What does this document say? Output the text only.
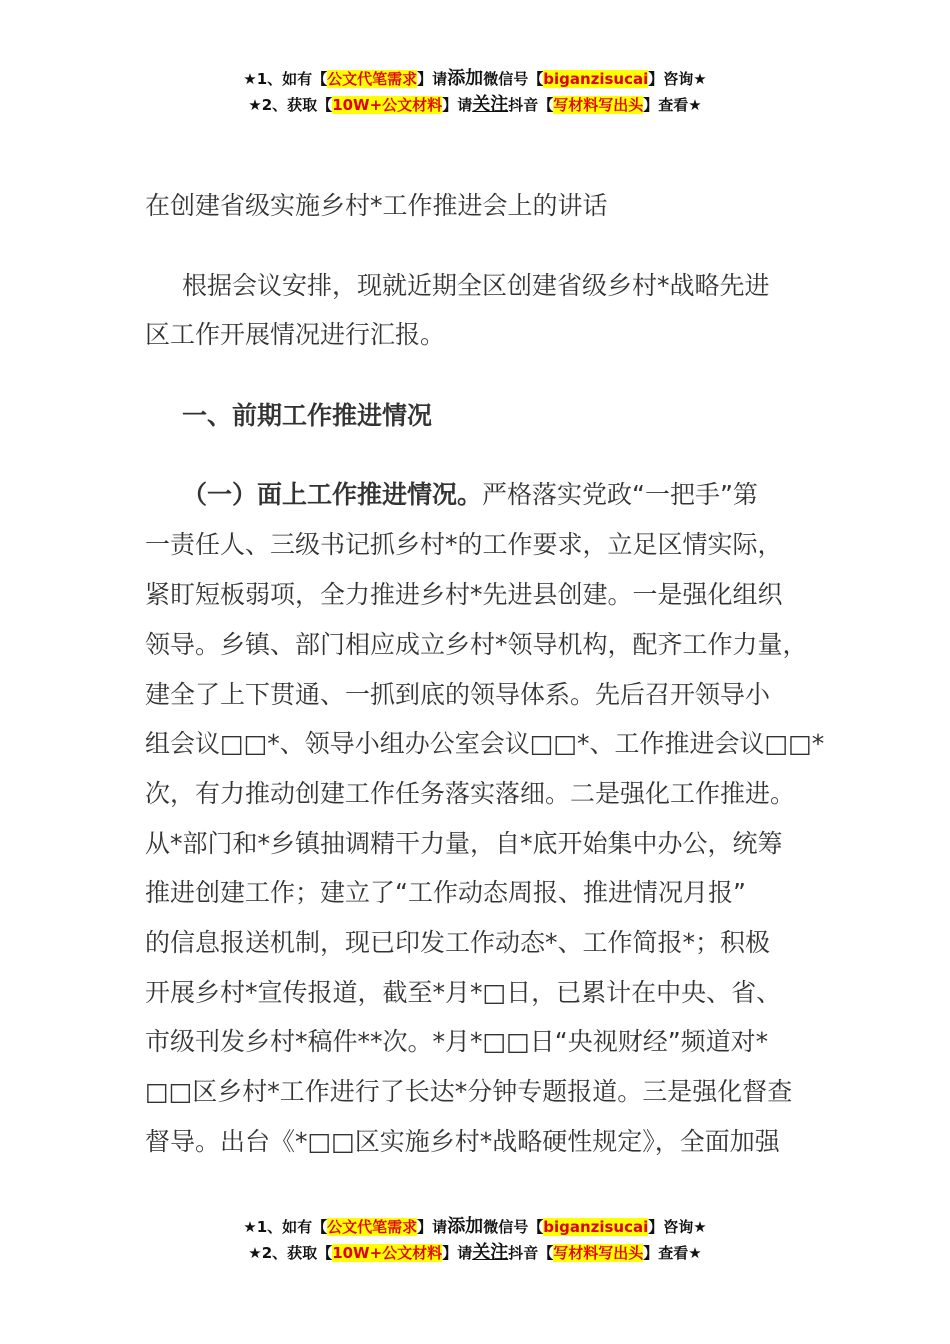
★1、如有【公文代笔需求】请添加微信号【biganzisucai】咨询★
★2、获取【10W+公文材料】请关注抖音【写材料写出头】查看★
在创建省级实施乡村*工作推进会上的讲话
根据会议安排，现就近期全区创建省级乡村*战略先进
区工作开展情况进行汇报。
一、前期工作推进情况
（一）面上工作推进情况。严格落实党政“一把手”第
一责任人、三级书记抓乡村*的工作要求，立足区情实际，
紧盯短板弱项，全力推进乡村*先进县创建。一是强化组织
领导。乡镇、部门相应成立乡村*领导机构，配齐工作力量，
建全了上下贯通、一抓到底的领导体系。先后召开领导小
组会议□□*、领导小组办公室会议□□*、工作推进会议□□*
次，有力推动创建工作任务落实落细。二是强化工作推进。
从*部门和*乡镇抽调精干力量，自*底开始集中办公，统筹
推进创建工作；建立了“工作动态周报、推进情况月报”
的信息报送机制，现已印发工作动态*、工作简报*；积极
开展乡村*宣传报道，截至*月*□日，已累计在中央、省、
市级刊发乡村*稿件**次。*月*□□日“央视财经”频道对*
□□区乡村*工作进行了长达*分钟专题报道。三是强化督查
督导。出台《*□□区实施乡村*战略硬性规定》，全面加强
★1、如有【公文代笔需求】请添加微信号【biganzisucai】咨询★
★2、获取【10W+公文材料】请关注抖音【写材料写出头】查看★
